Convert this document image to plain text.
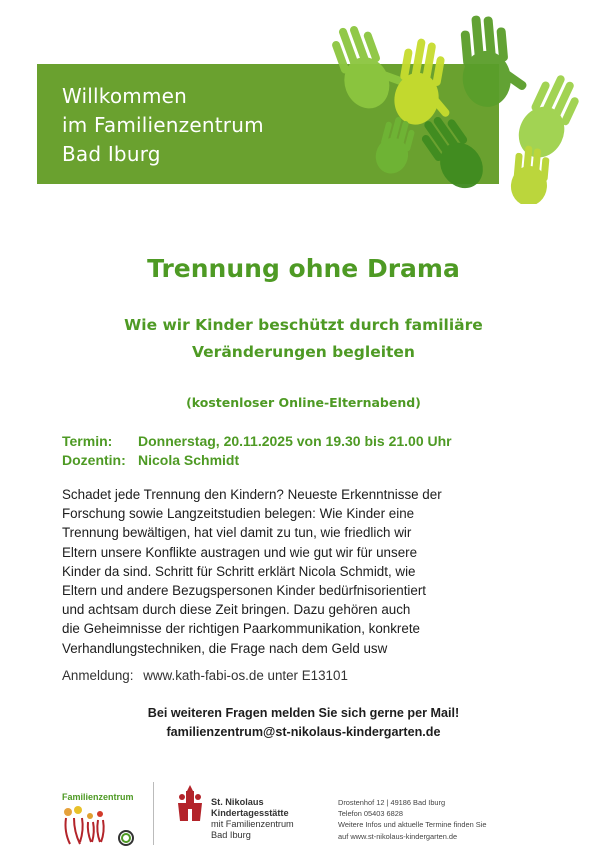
Willkommen
im Familienzentrum
Bad Iburg
Trennung ohne Drama
Wie wir Kinder beschützt durch familiäre
Veränderungen begleiten
(kostenloser Online-Elternabend)
Termin:	Donnerstag, 20.11.2025 von 19.30 bis 21.00 Uhr
Dozentin: Nicola Schmidt
Schadet jede Trennung den Kindern? Neueste Erkenntnisse der
Forschung sowie Langzeitstudien belegen: Wie Kinder eine
Trennung bewältigen, hat viel damit zu tun, wie friedlich wir
Eltern unsere Konflikte austragen und wie gut wir für unsere
Kinder da sind. Schritt für Schritt erklärt Nicola Schmidt, wie
Eltern und andere Bezugspersonen Kinder bedürfnisorientiert
und achtsam durch diese Zeit bringen. Dazu gehören auch
die Geheimnisse der richtigen Paarkommunikation, konkrete
Verhandlungstechniken, die Frage nach dem Geld usw
Anmeldung: www.kath-fabi-os.de unter E13101
Bei weiteren Fragen melden Sie sich gerne per Mail!
familienzentrum@st-nikolaus-kindergarten.de
Familienzentrum	St. Nikolaus
Kindertagesstätte
mit Familienzentrum
Bad Iburg
Drostenhof 12 | 49186 Bad Iburg
Telefon 05403 6828
Weitere Infos und aktuelle Termine finden Sie
auf www.st-nikolaus-kindergarten.de
